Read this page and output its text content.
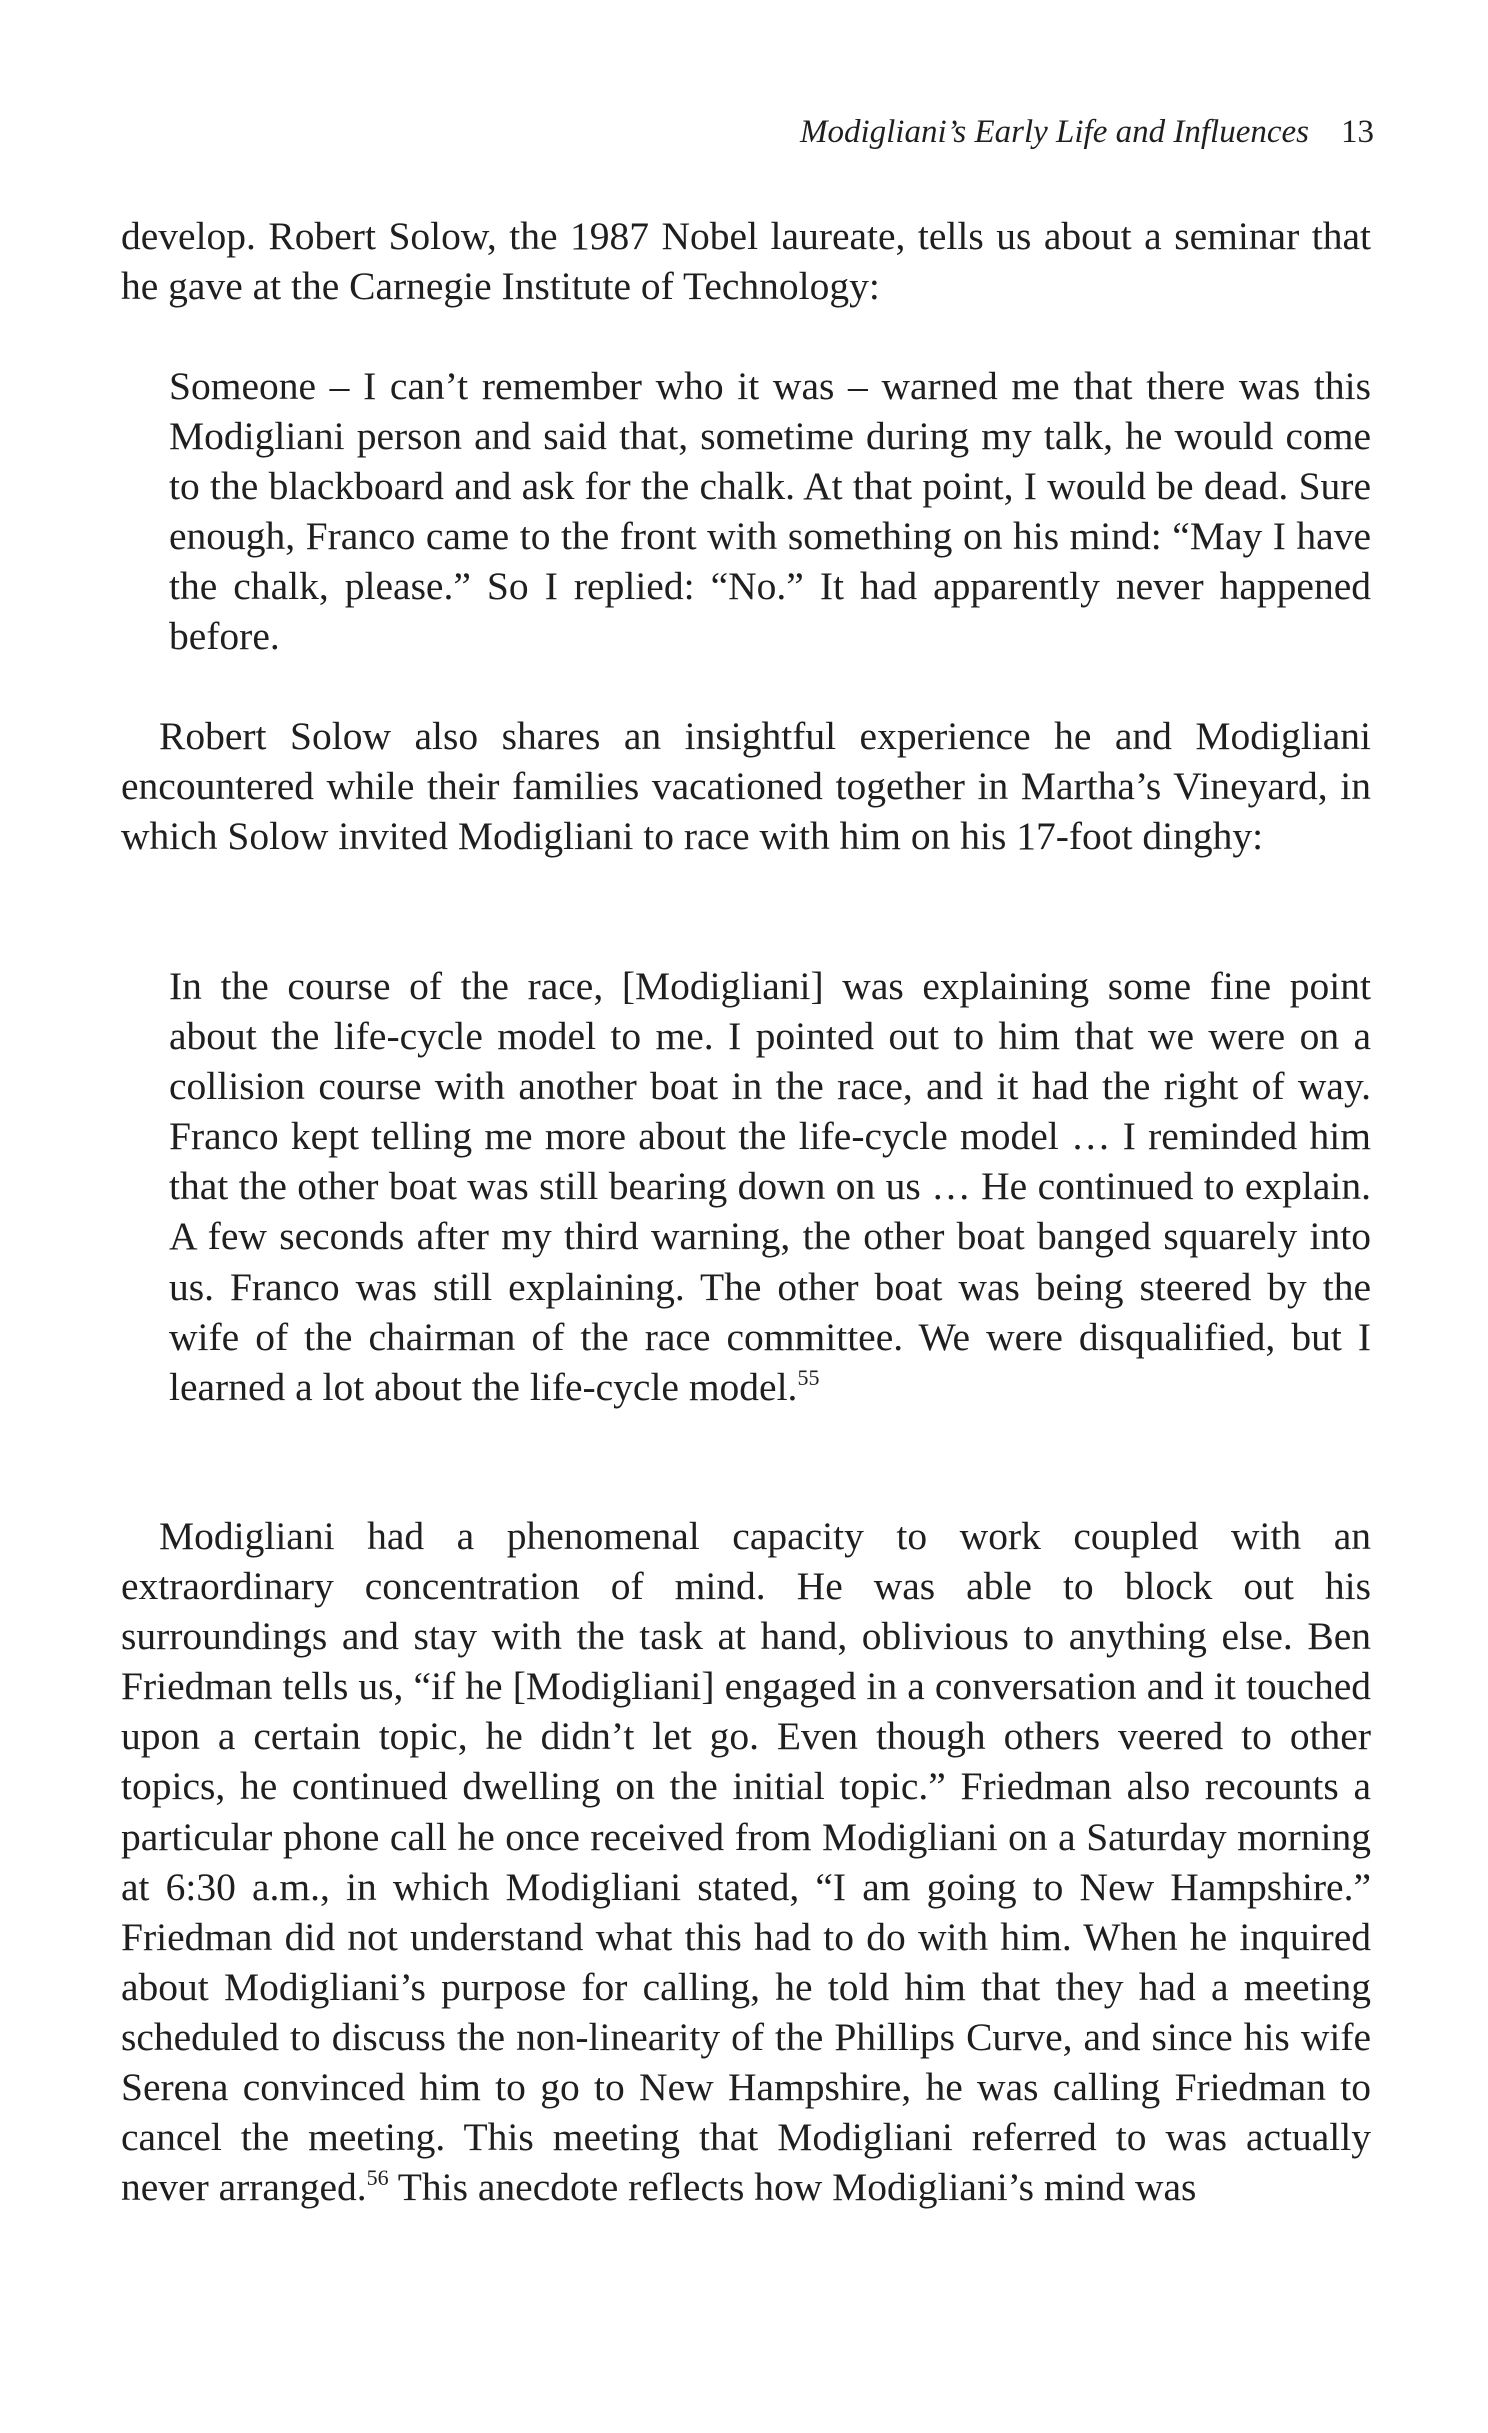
Modigliani’s Early Life and Influences 13

develop. Robert Solow, the 1987 Nobel laureate, tells us about a seminar that he gave at the Carnegie Institute of Technology:

Someone – I can’t remember who it was – warned me that there was this Modigliani person and said that, sometime during my talk, he would come to the blackboard and ask for the chalk. At that point, I would be dead. Sure enough, Franco came to the front with something on his mind: “May I have the chalk, please.” So I replied: “No.” It had apparently never happened before.

Robert Solow also shares an insightful experience he and Modigliani encountered while their families vacationed together in Martha’s Vineyard, in which Solow invited Modigliani to race with him on his 17-foot dinghy:

In the course of the race, [Modigliani] was explaining some fine point about the life-cycle model to me. I pointed out to him that we were on a collision course with another boat in the race, and it had the right of way. Franco kept telling me more about the life-cycle model … I reminded him that the other boat was still bearing down on us … He continued to explain. A few seconds after my third warning, the other boat banged squarely into us. Franco was still explaining. The other boat was being steered by the wife of the chairman of the race committee. We were disqualified, but I learned a lot about the life-cycle model.$^{55}$

Modigliani had a phenomenal capacity to work coupled with an extraordinary concentration of mind. He was able to block out his surroundings and stay with the task at hand, oblivious to anything else. Ben Friedman tells us, “if he [Modigliani] engaged in a conversation and it touched upon a certain topic, he didn’t let go. Even though others veered to other topics, he continued dwelling on the initial topic.” Friedman also recounts a particular phone call he once received from Modigliani on a Saturday morning at 6:30 a.m., in which Modigliani stated, “I am going to New Hampshire.” Friedman did not understand what this had to do with him. When he inquired about Modigliani’s purpose for calling, he told him that they had a meeting scheduled to discuss the non-linearity of the Phillips Curve, and since his wife Serena convinced him to go to New Hampshire, he was calling Friedman to cancel the meeting. This meeting that Modigliani referred to was actually never arranged.$^{56}$ This anecdote reflects how Modigliani’s mind was
